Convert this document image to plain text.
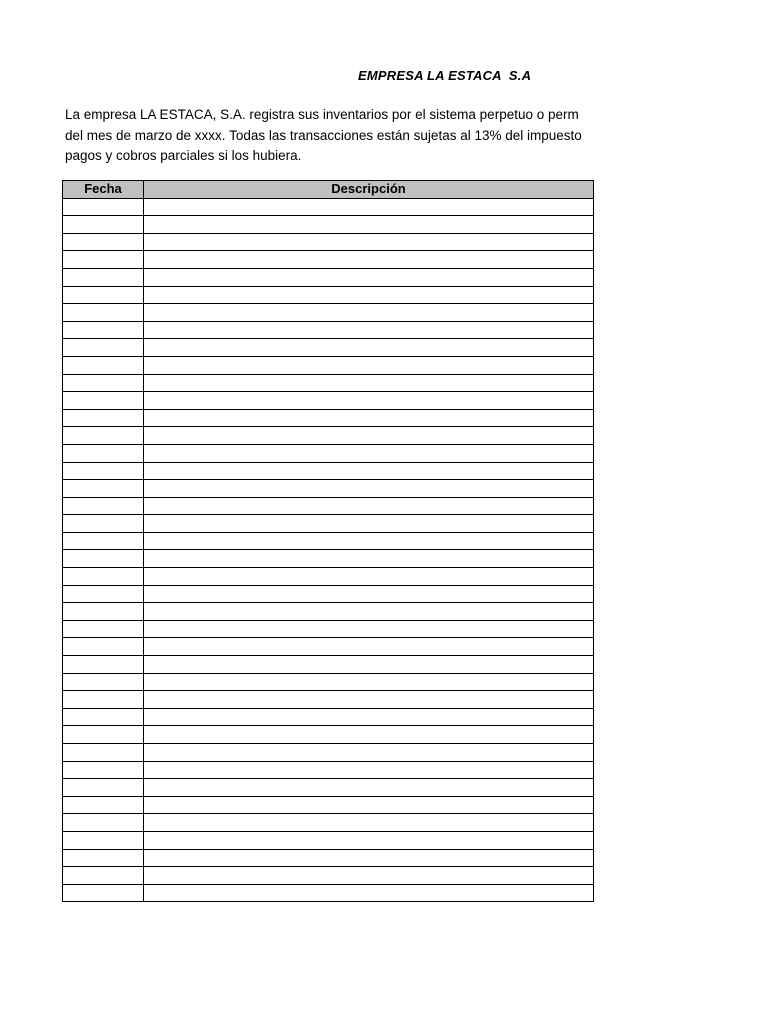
EMPRESA LA ESTACA  S.A
La empresa LA ESTACA, S.A. registra sus inventarios por el sistema perpetuo o perm
del mes de marzo de xxxx. Todas las transacciones están sujetas al 13% del impuesto
pagos y cobros parciales si los hubiera.
Fecha	Descripción
